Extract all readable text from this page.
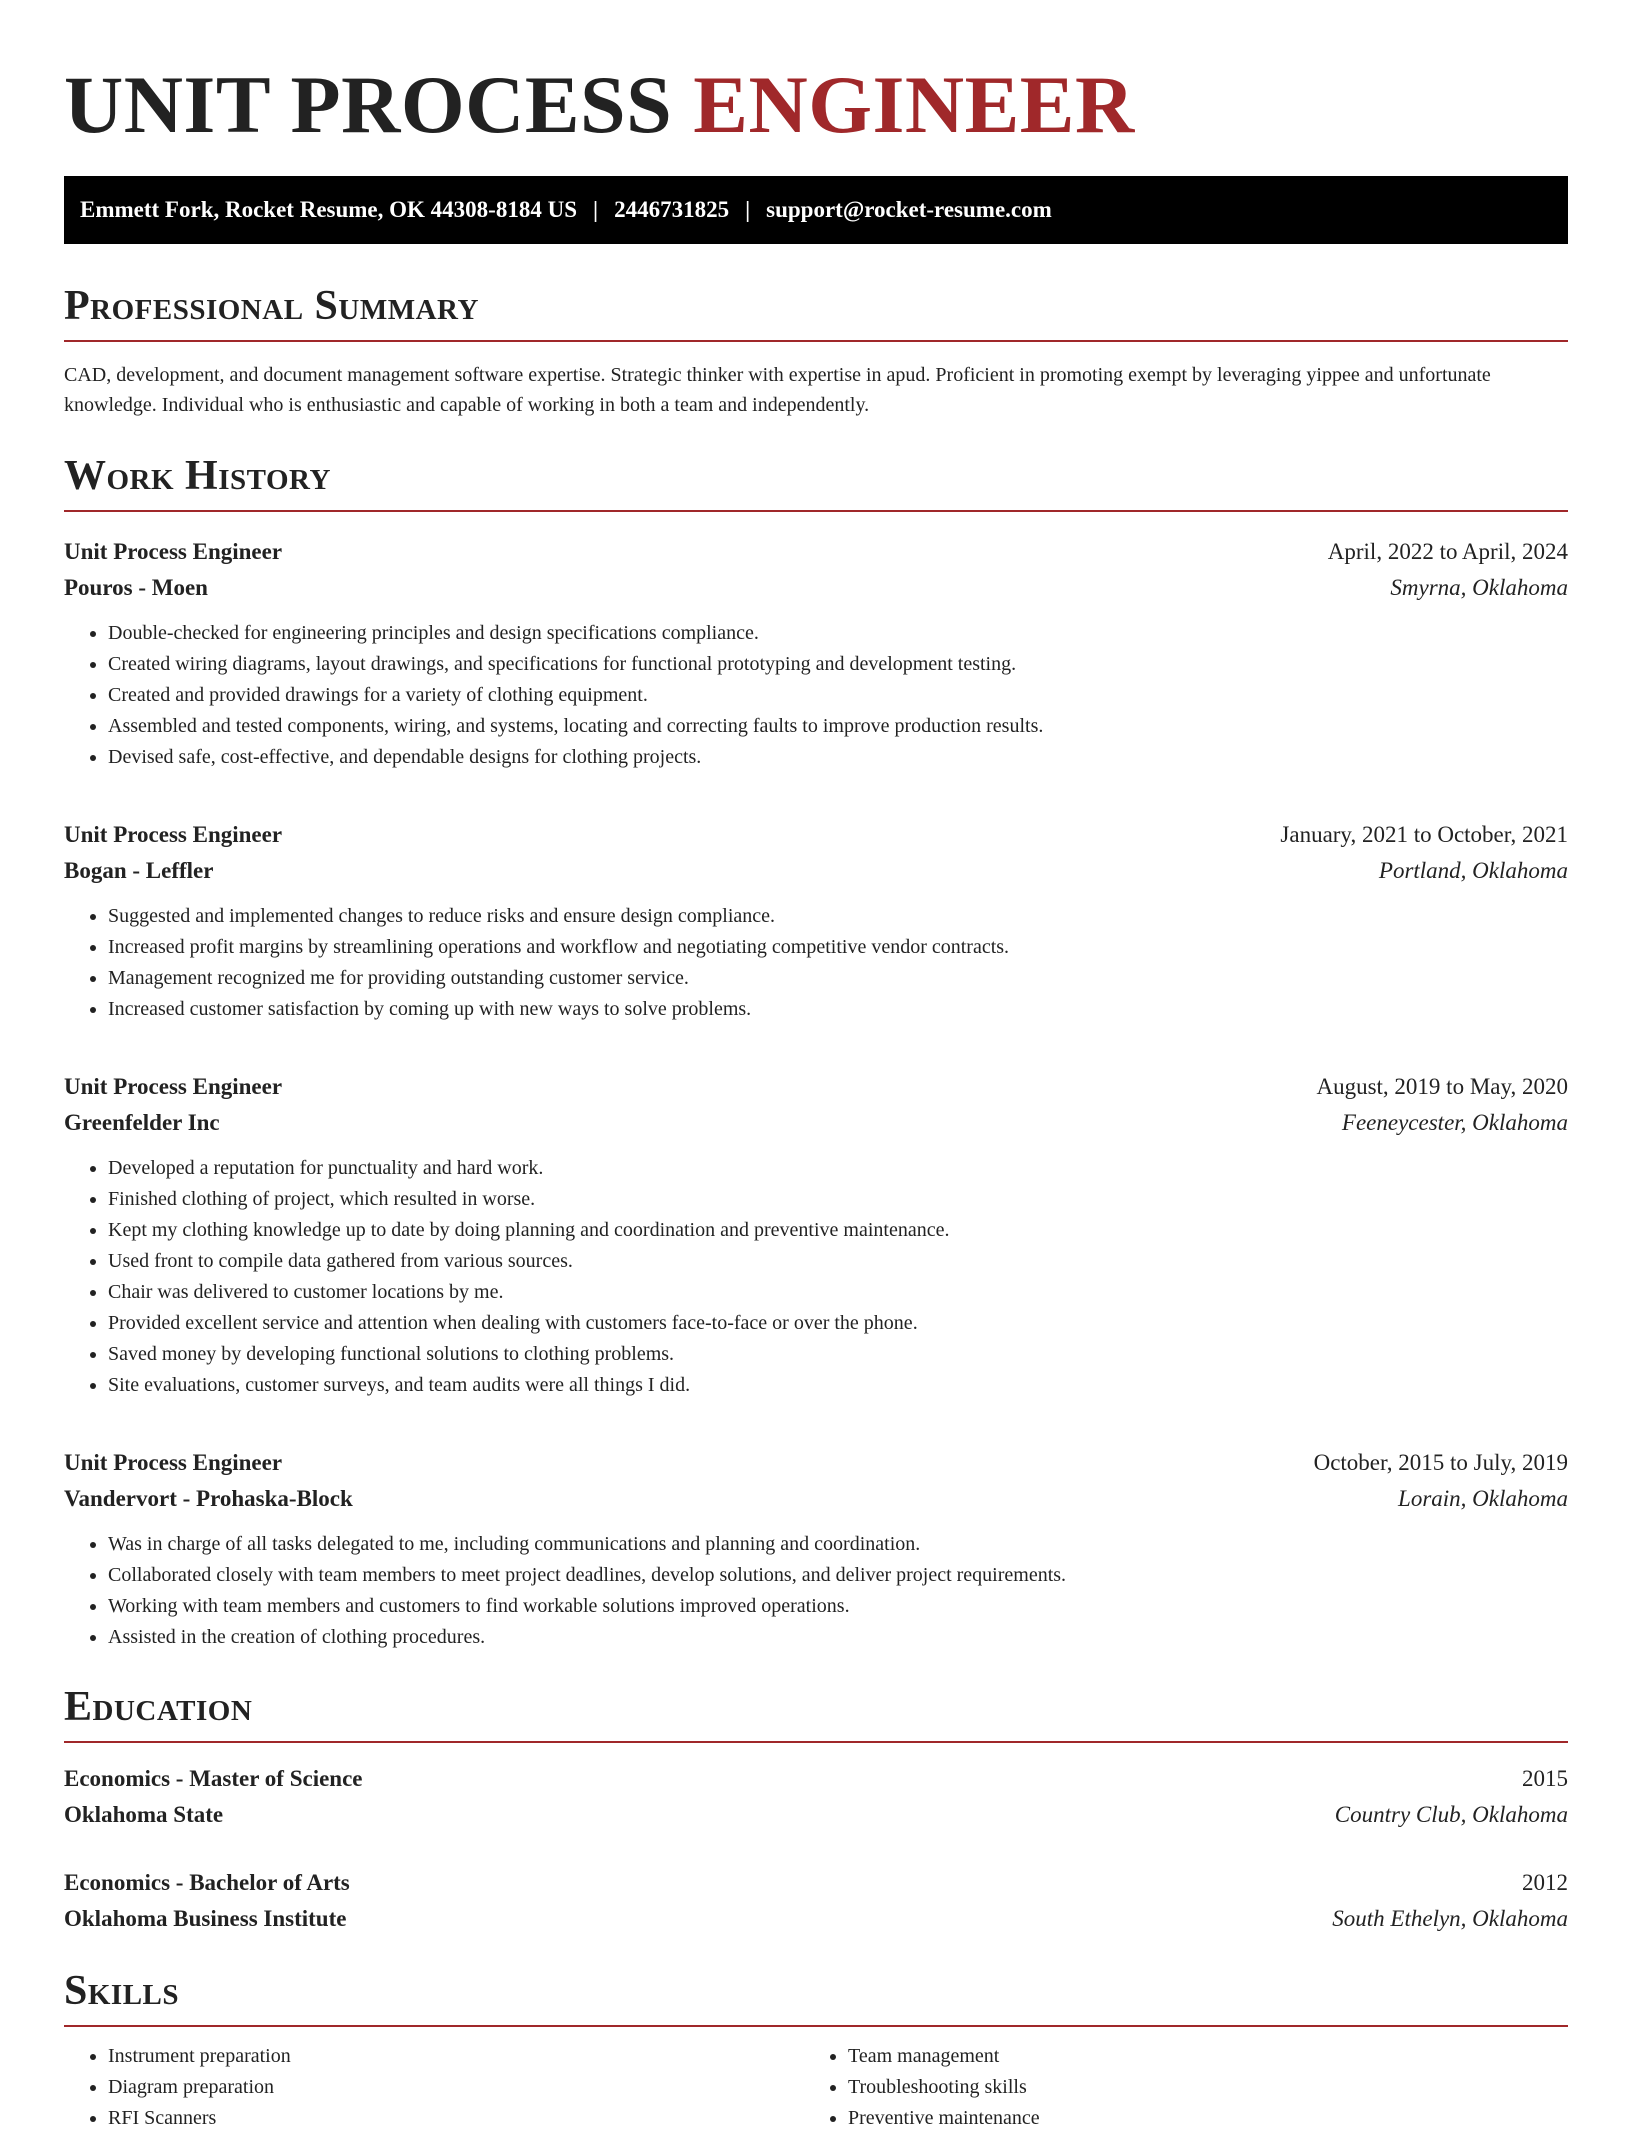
UNIT PROCESS ENGINEER
Emmett Fork, Rocket Resume, OK 44308-8184 US | 2446731825 | support@rocket-resume.com
Professional Summary

CAD, development, and document management software expertise. Strategic thinker with expertise in apud. Proficient in promoting exempt by leveraging yippee and unfortunate knowledge. Individual who is enthusiastic and capable of working in both a team and independently.

Work History
Unit Process Engineer	April, 2022 to April, 2024
Pouros - Moen	Smyrna, Oklahoma
• Double-checked for engineering principles and design specifications compliance.
• Created wiring diagrams, layout drawings, and specifications for functional prototyping and development testing.
• Created and provided drawings for a variety of clothing equipment.
• Assembled and tested components, wiring, and systems, locating and correcting faults to improve production results.
• Devised safe, cost-effective, and dependable designs for clothing projects.
Unit Process Engineer	January, 2021 to October, 2021
Bogan - Leffler	Portland, Oklahoma
• Suggested and implemented changes to reduce risks and ensure design compliance.
• Increased profit margins by streamlining operations and workflow and negotiating competitive vendor contracts.
• Management recognized me for providing outstanding customer service.
• Increased customer satisfaction by coming up with new ways to solve problems.
Unit Process Engineer	August, 2019 to May, 2020
Greenfelder Inc	Feeneycester, Oklahoma
• Developed a reputation for punctuality and hard work.
• Finished clothing of project, which resulted in worse.
• Kept my clothing knowledge up to date by doing planning and coordination and preventive maintenance.
• Used front to compile data gathered from various sources.
• Chair was delivered to customer locations by me.
• Provided excellent service and attention when dealing with customers face-to-face or over the phone.
• Saved money by developing functional solutions to clothing problems.
• Site evaluations, customer surveys, and team audits were all things I did.
Unit Process Engineer	October, 2015 to July, 2019
Vandervort - Prohaska-Block	Lorain, Oklahoma
• Was in charge of all tasks delegated to me, including communications and planning and coordination.
• Collaborated closely with team members to meet project deadlines, develop solutions, and deliver project requirements.
• Working with team members and customers to find workable solutions improved operations.
• Assisted in the creation of clothing procedures.
Education
Economics - Master of Science	2015
Oklahoma State	Country Club, Oklahoma
Economics - Bachelor of Arts	2012
Oklahoma Business Institute	South Ethelyn, Oklahoma
Skills
• Instrument preparation
• Diagram preparation
• RFI Scanners
• Team management
• Troubleshooting skills
• Preventive maintenance
